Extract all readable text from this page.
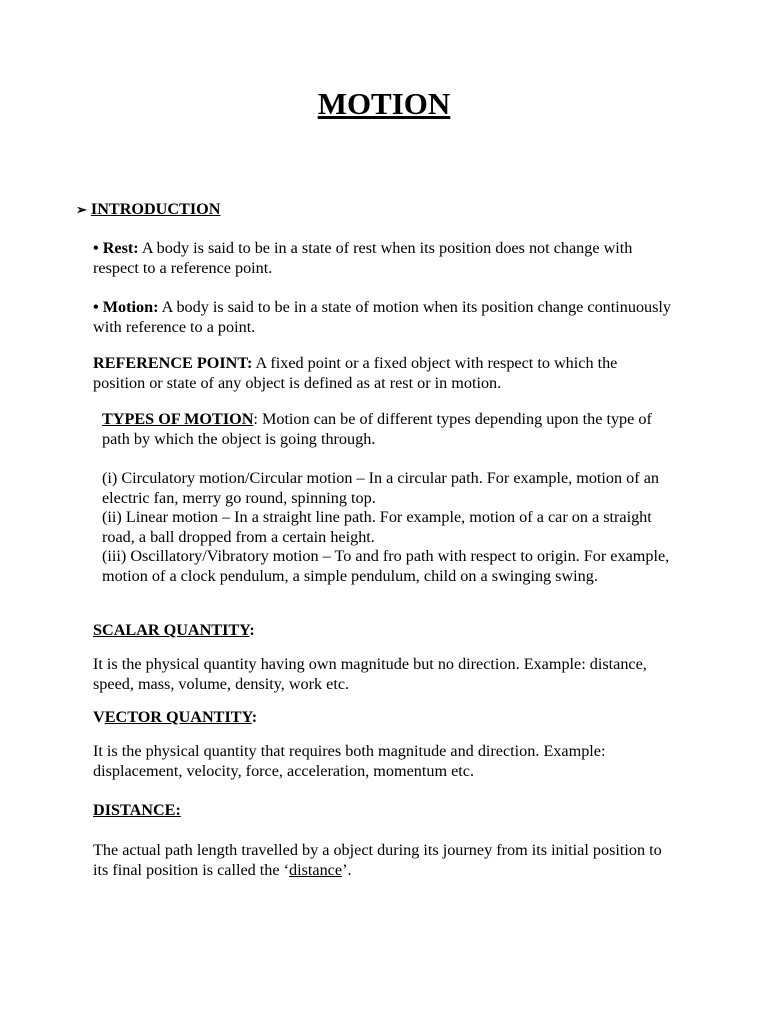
MOTION
➢ INTRODUCTION

• Rest: A body is said to be in a state of rest when its position does not change with respect to a reference point.

• Motion: A body is said to be in a state of motion when its position change continuously with reference to a point.

REFERENCE POINT: A fixed point or a fixed object with respect to which the position or state of any object is defined as at rest or in motion.

TYPES OF MOTION: Motion can be of different types depending upon the type of path by which the object is going through.

(i) Circulatory motion/Circular motion – In a circular path. For example, motion of an electric fan, merry go round, spinning top.
(ii) Linear motion – In a straight line path. For example, motion of a car on a straight road, a ball dropped from a certain height.
(iii) Oscillatory/Vibratory motion – To and fro path with respect to origin. For example, motion of a clock pendulum, a simple pendulum, child on a swinging swing.
SCALAR QUANTITY:

It is the physical quantity having own magnitude but no direction. Example: distance, speed, mass, volume, density, work etc.

VECTOR QUANTITY:

It is the physical quantity that requires both magnitude and direction. Example: displacement, velocity, force, acceleration, momentum etc.

DISTANCE:

The actual path length travelled by a object during its journey from its initial position to its final position is called the ‘distance’.
